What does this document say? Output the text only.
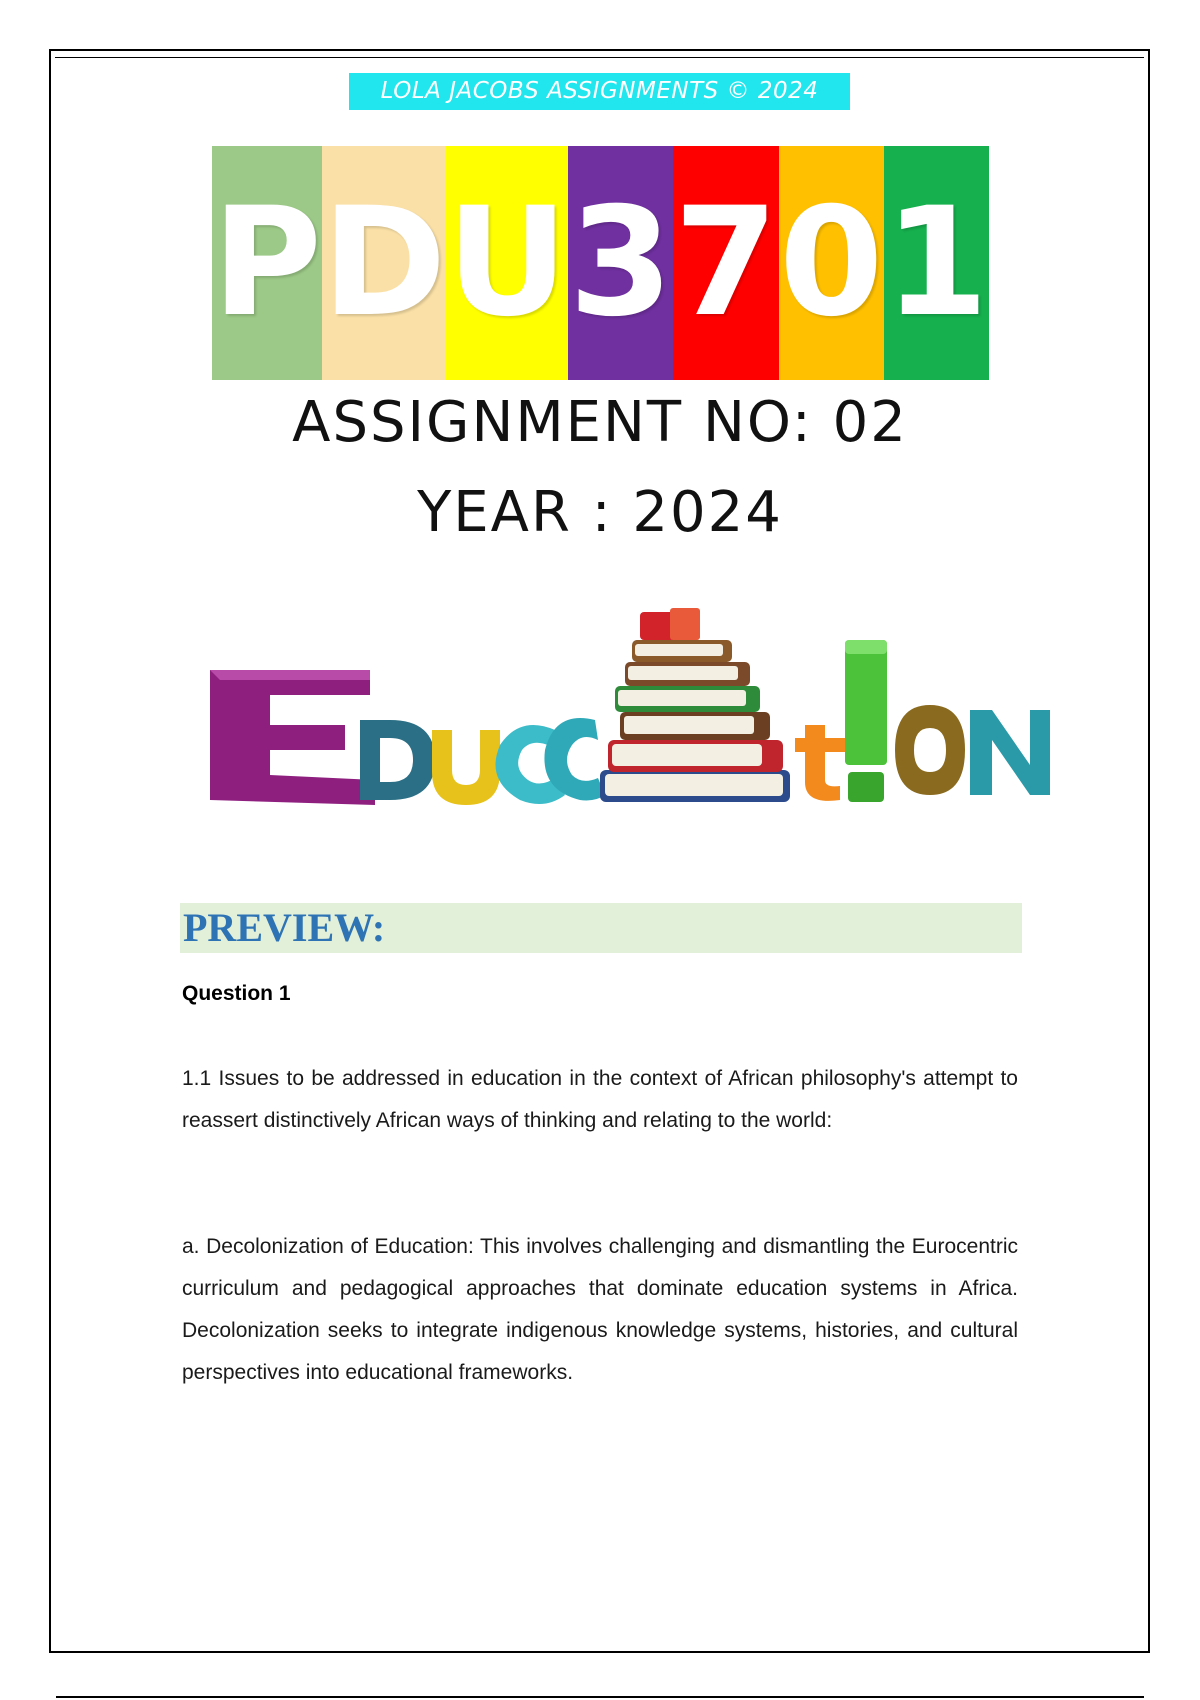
LOLA JACOBS ASSIGNMENTS © 2024
P D U 3 7 0 1
ASSIGNMENT NO: 02
YEAR : 2024
PREVIEW:
Question 1
1.1 Issues to be addressed in education in the context of African philosophy's attempt to reassert distinctively African ways of thinking and relating to the world:
a. Decolonization of Education: This involves challenging and dismantling the Eurocentric curriculum and pedagogical approaches that dominate education systems in Africa. Decolonization seeks to integrate indigenous knowledge systems, histories, and cultural perspectives into educational frameworks.
